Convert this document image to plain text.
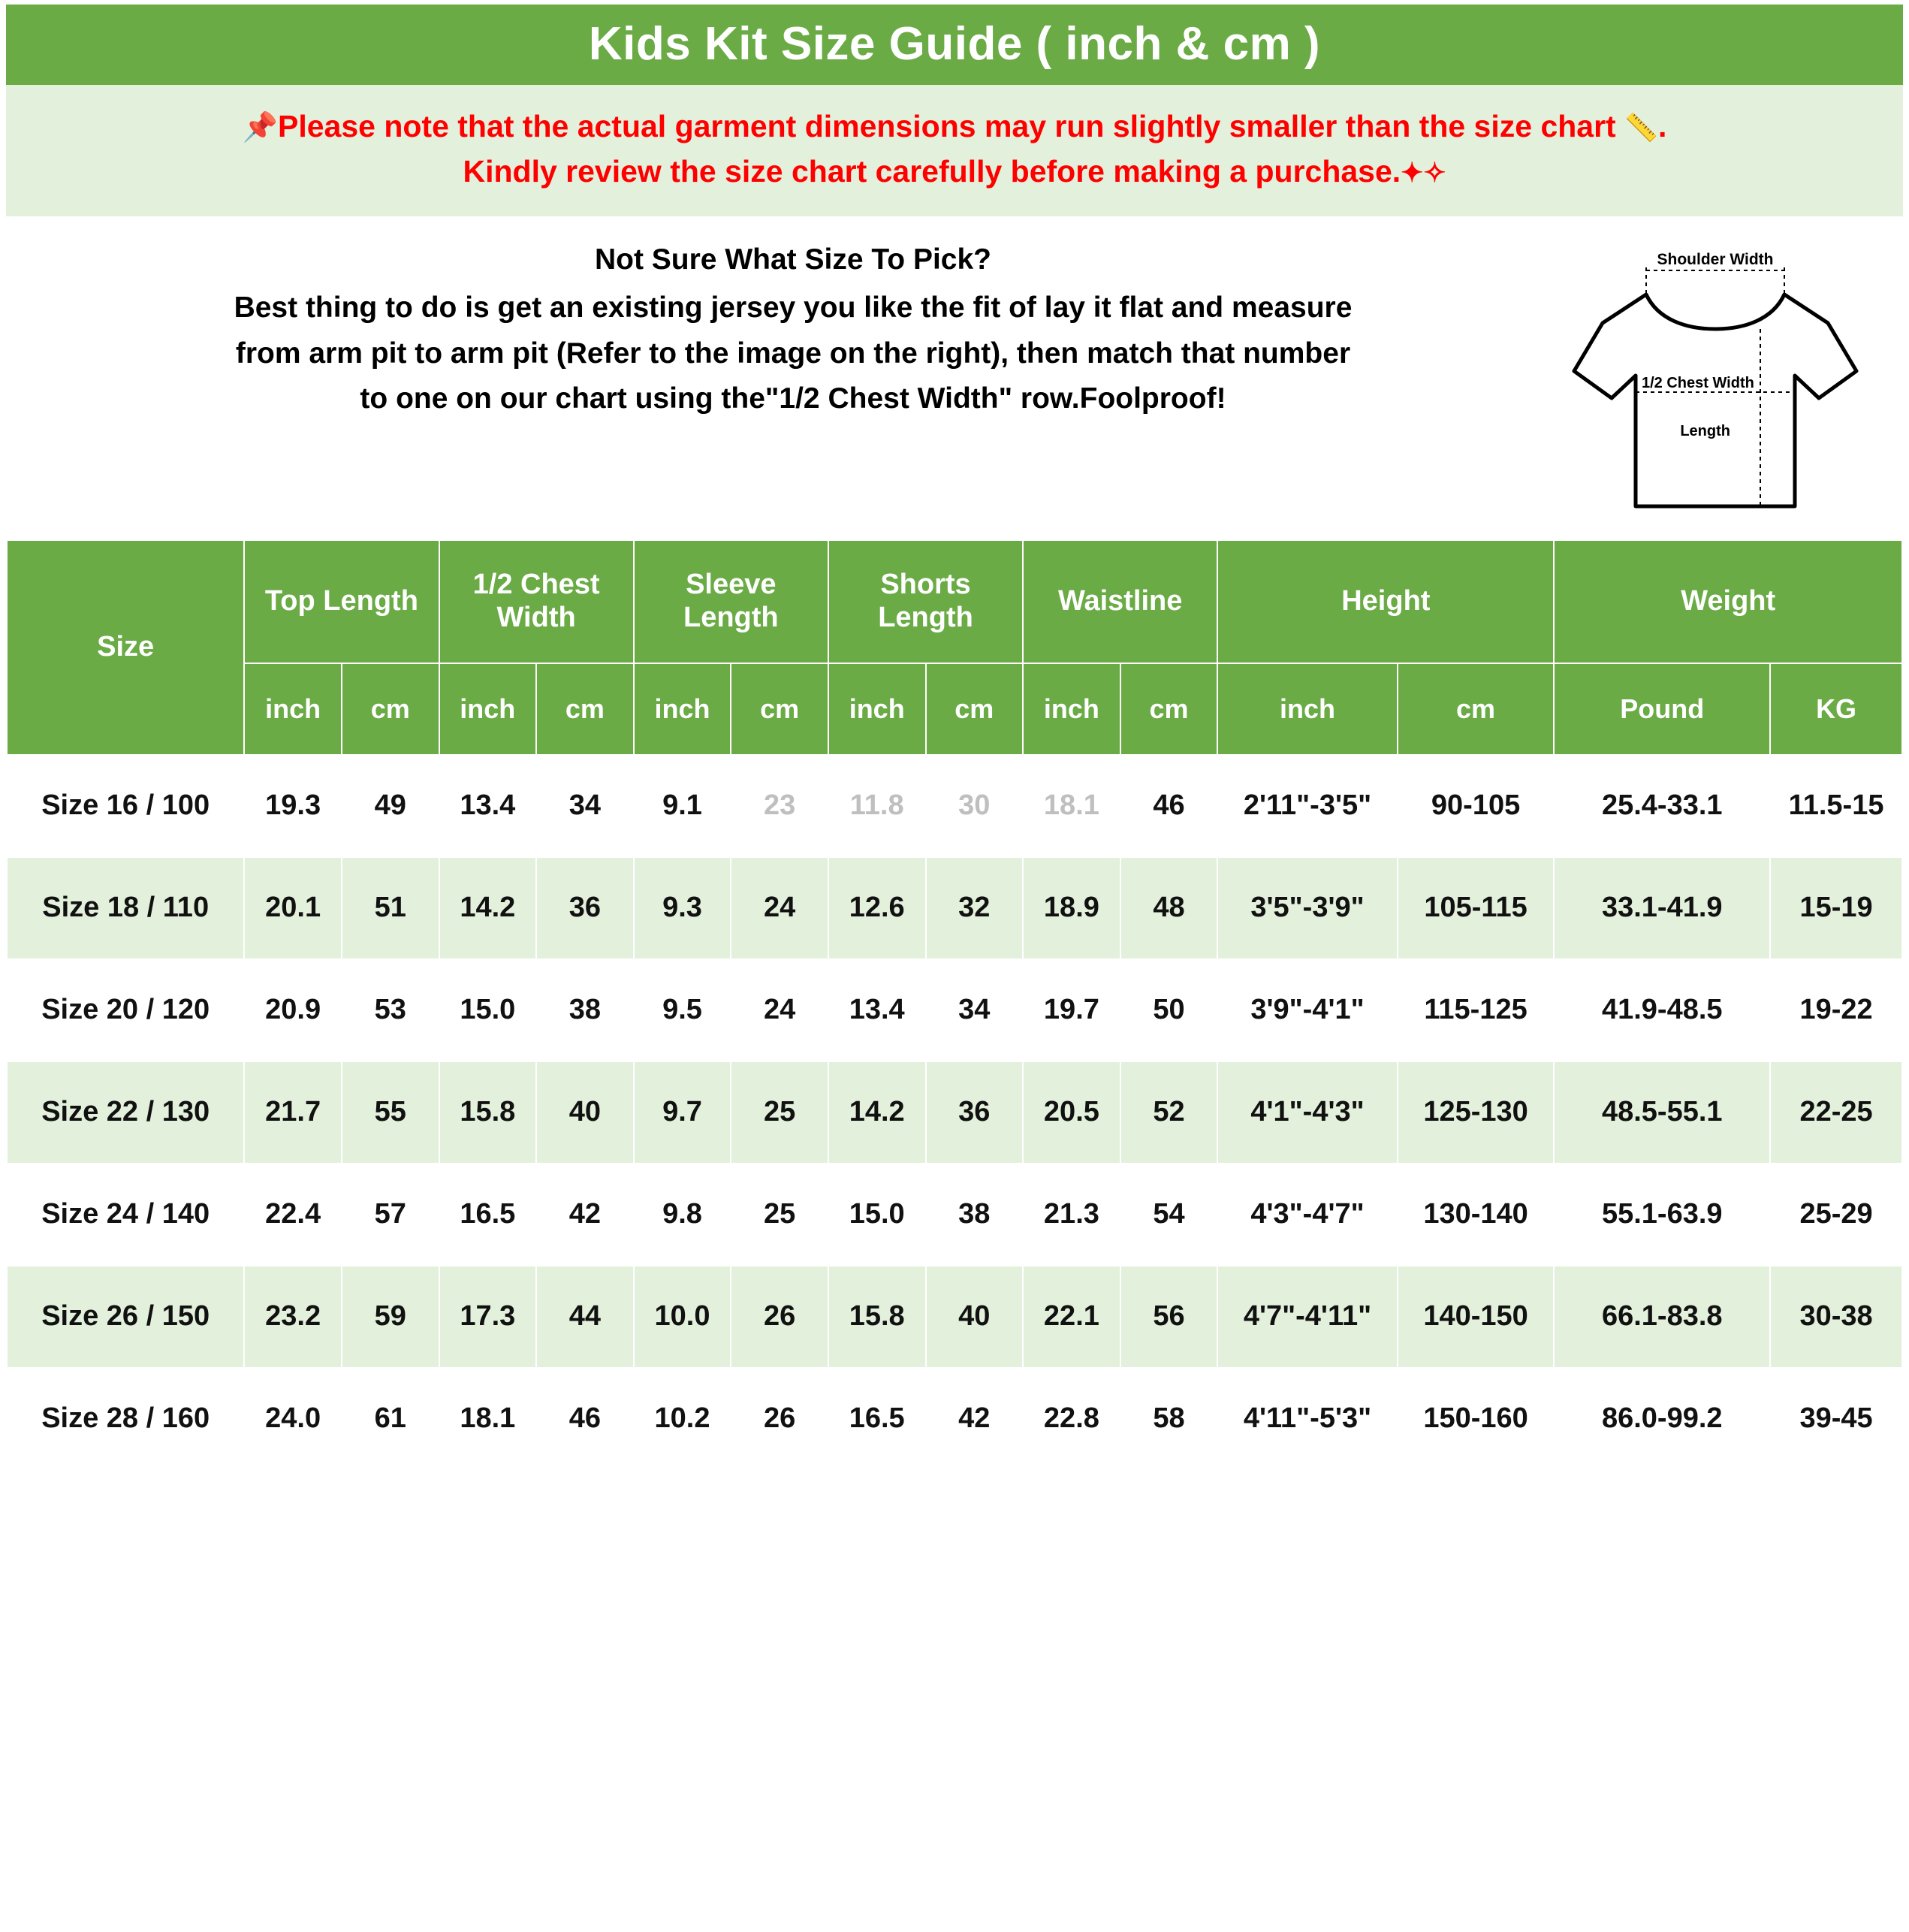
Kids Kit Size Guide ( inch & cm )
📌Please note that the actual garment dimensions may run slightly smaller than the size chart 📏.
Kindly review the size chart carefully before making a purchase.✦✧
Not Sure What Size To Pick?
Best thing to do is get an existing jersey you like the fit of lay it flat and measure
from arm pit to arm pit (Refer to the image on the right), then match that number
to one on our chart using the"1/2 Chest Width" row.Foolproof!
Shoulder Width
1/2 Chest Width
Length
Size	Top Length		1/2 Chest Width		Sleeve Length		Shorts Length		Waistline		Height		Weight	
	inch	cm	inch	cm	inch	cm	inch	cm	inch	cm	inch	cm	Pound	KG
Size 16 / 100	19.3	49	13.4	34	9.1	23	11.8	30	18.1	46	2'11"-3'5"	90-105	25.4-33.1	11.5-15
Size 18 / 110	20.1	51	14.2	36	9.3	24	12.6	32	18.9	48	3'5"-3'9"	105-115	33.1-41.9	15-19
Size 20 / 120	20.9	53	15.0	38	9.5	24	13.4	34	19.7	50	3'9"-4'1"	115-125	41.9-48.5	19-22
Size 22 / 130	21.7	55	15.8	40	9.7	25	14.2	36	20.5	52	4'1"-4'3"	125-130	48.5-55.1	22-25
Size 24 / 140	22.4	57	16.5	42	9.8	25	15.0	38	21.3	54	4'3"-4'7"	130-140	55.1-63.9	25-29
Size 26 / 150	23.2	59	17.3	44	10.0	26	15.8	40	22.1	56	4'7"-4'11"	140-150	66.1-83.8	30-38
Size 28 / 160	24.0	61	18.1	46	10.2	26	16.5	42	22.8	58	4'11"-5'3"	150-160	86.0-99.2	39-45
